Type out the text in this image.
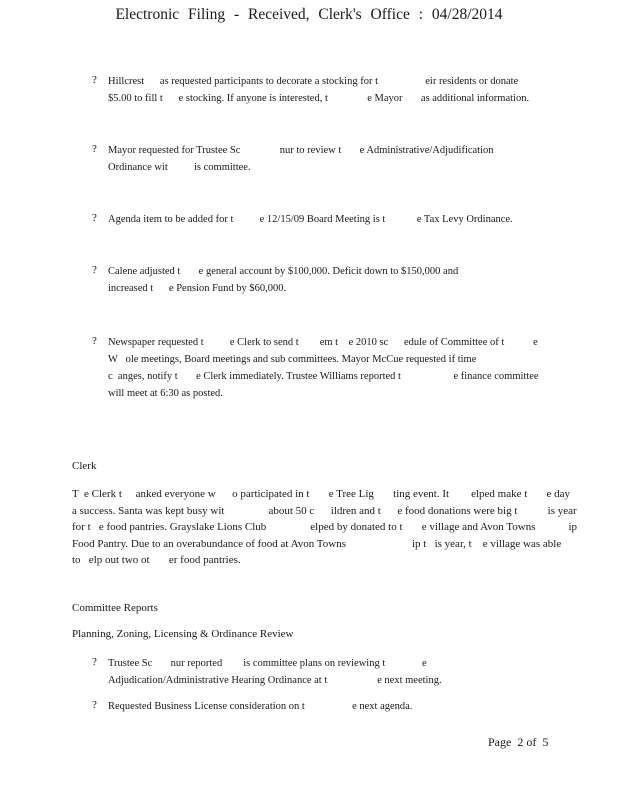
Electronic Filing - Received, Clerk's Office : 04/28/2014
? Hillcrest      as requested participants to decorate a stocking for t                  eir residents or donate
$5.00 to fill t      e stocking. If anyone is interested, t               e Mayor       as additional information.
? Mayor requested for Trustee Sc               nur to review t       e Administrative/Adjudification
Ordinance wit          is committee.
? Agenda item to be added for t          e 12/15/09 Board Meeting is t            e Tax Levy Ordinance.
? Calene adjusted t       e general account by $100,000. Deficit down to $150,000 and
increased t      e Pension Fund by $60,000.
? Newspaper requested t          e Clerk to send t        em t    e 2010 sc      edule of Committee of t           e
W   ole meetings, Board meetings and sub committees. Mayor McCue requested if time
c  anges, notify t       e Clerk immediately. Trustee Williams reported t                    e finance committee
will meet at 6:30 as posted.
Clerk
T  e Clerk t     anked everyone w      o participated in t       e Tree Lig       ting event. It        elped make t       e day
a success. Santa was kept busy wit                about 50 c      ildren and t      e food donations were big t           is year
for t   e food pantries. Grayslake Lions Club                elped by donated to t       e village and Avon Towns            ip
Food Pantry. Due to an overabundance of food at Avon Towns                        ip t   is year, t    e village was able
to   elp out two ot       er food pantries.
Committee Reports
Planning, Zoning, Licensing & Ordinance Review
? Trustee Sc       nur reported        is committee plans on reviewing t              e
Adjudication/Administrative Hearing Ordinance at t                   e next meeting.
? Requested Business License consideration on t                  e next agenda.
Page  2 of  5
